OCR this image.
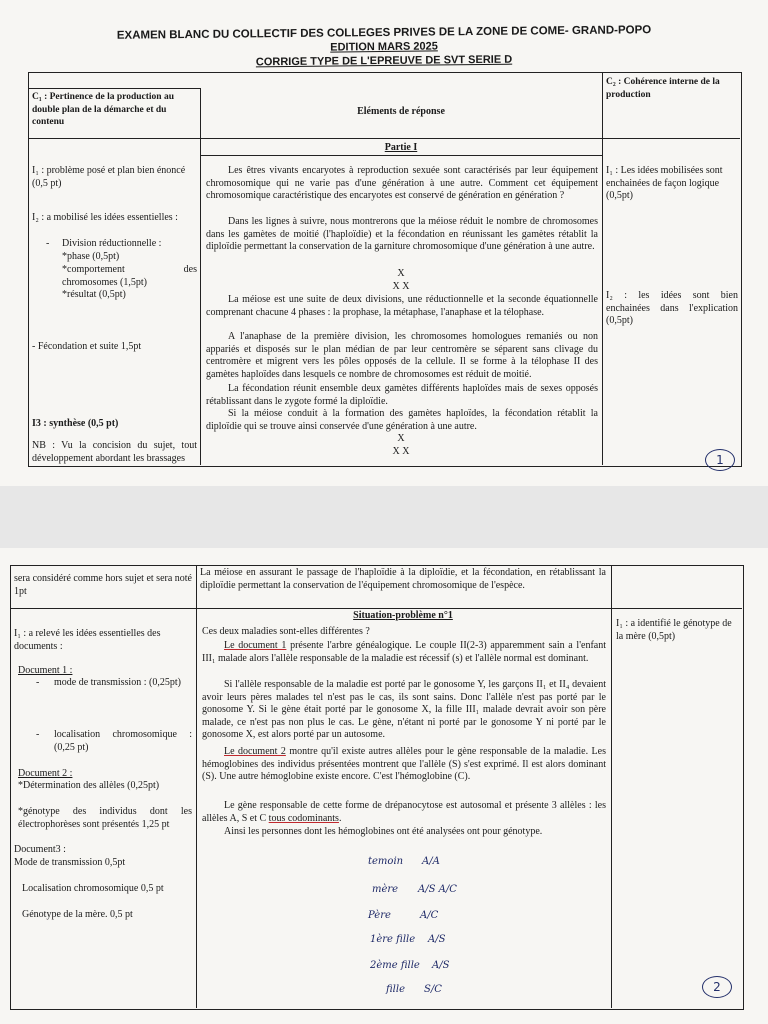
EXAMEN BLANC DU COLLECTIF DES COLLEGES PRIVES DE LA ZONE DE COME- GRAND-POPO
EDITION MARS 2025
CORRIGE TYPE DE L'EPREUVE DE SVT SERIE D
C₁ : Pertinence de la production au double plan de la démarche et du contenu
Eléments de réponse
C₂ : Cohérence interne de la production
I₁ : problème posé et plan bien énoncé (0,5 pt)
I₂ : a mobilisé les idées essentielles :
Division réductionnelle :
-
*phase (0,5pt)
*comportement des chromosomes (1,5pt)
*résultat (0,5pt)
- Fécondation et suite 1,5pt
I3 : synthèse (0,5 pt)
NB : Vu la concision du sujet, tout développement abordant les brassages
Partie I
Les êtres vivants encaryotes à reproduction sexuée sont caractérisés par leur équipement chromosomique qui ne varie pas d'une génération à une autre. Comment cet équipement chromosomique caractéristique des encaryotes est conservé de génération en génération ?
Dans les lignes à suivre, nous montrerons que la méiose réduit le nombre de chromosomes dans les gamètes de moitié (l'haploïdie) et la fécondation en réunissant les gamètes rétablit la diploïdie permettant la conservation de la garniture chromosomique d'une génération à une autre.
X
X X
La méiose est une suite de deux divisions, une réductionnelle et la seconde équationnelle comprenant chacune 4 phases : la prophase, la métaphase, l'anaphase et la télophase.
A l'anaphase de la première division, les chromosomes homologues remaniés ou non appariés et disposés sur le plan médian de par leur centromère se séparent sans clivage du centromère et migrent vers les pôles opposés de la cellule. Il se forme à la télophase II des gamètes haploïdes dans lesquels ce nombre de chromosomes est réduit de moitié.
La fécondation réunit ensemble deux gamètes différents haploïdes mais de sexes opposés rétablissant dans le zygote formé la diploïdie.
Si la méiose conduit à la formation des gamètes haploïdes, la fécondation rétablit la diploïdie qui se trouve ainsi conservée d'une génération à une autre.
X
X X
I₁ : Les idées mobilisées sont enchainées de façon logique (0,5pt)
I₂ : les idées sont bien enchainées dans l'explication (0,5pt)
1
sera considéré comme hors sujet et sera noté 1pt
La méiose en assurant le passage de l'haploïdie à la diploïdie, et la fécondation, en rétablissant la diploïdie permettant la conservation de l'équipement chromosomique de l'espèce.
I₁ : a relevé les idées essentielles des documents :
Document 1 :
- mode de transmission : (0,25pt)
- localisation chromosomique : (0,25 pt)
Document 2 :
*Détermination des allèles (0,25pt)
*génotype des individus dont les électrophorèses sont présentés 1,25 pt
Document3 :
Mode de transmission 0,5pt
Localisation chromosomique 0,5 pt
Génotype de la mère. 0,5 pt
Situation-problème n°1
Ces deux maladies sont-elles différentes ?
Le document 1 présente l'arbre généalogique. Le couple II(2-3) apparemment sain a l'enfant III₁ malade alors l'allèle responsable de la maladie est récessif (s) et l'allèle normal est dominant.
Si l'allèle responsable de la maladie est porté par le gonosome Y, les garçons II₁ et II₄ devaient avoir leurs pères malades tel n'est pas le cas, ils sont sains. Donc l'allèle n'est pas porté par le gonosome Y. Si le gène était porté par le gonosome X, la fille III₁ malade devrait avoir son père malade, ce n'est pas non plus le cas. Le gène, n'étant ni porté par le gonosome Y ni porté par le gonosome X, est alors porté par un autosome.
Le document 2 montre qu'il existe autres allèles pour le gène responsable de la maladie. Les hémoglobines des individus présentées montrent que l'allèle (S) s'est exprimé. Il est alors dominant (S). Une autre hémoglobine existe encore. C'est l'hémoglobine (C).
Le gène responsable de cette forme de drépanocytose est autosomal et présente 3 allèles : les allèles A, S et C tous codominants.
Ainsi les personnes dont les hémoglobines ont été analysées ont pour génotype.
temoin A/A
mère A/S A/C
Père	A/C
1ère fille A/S
2ème fille A/S
fille S/C
I₁ : a identifié le génotype de la mère (0,5pt)
2
